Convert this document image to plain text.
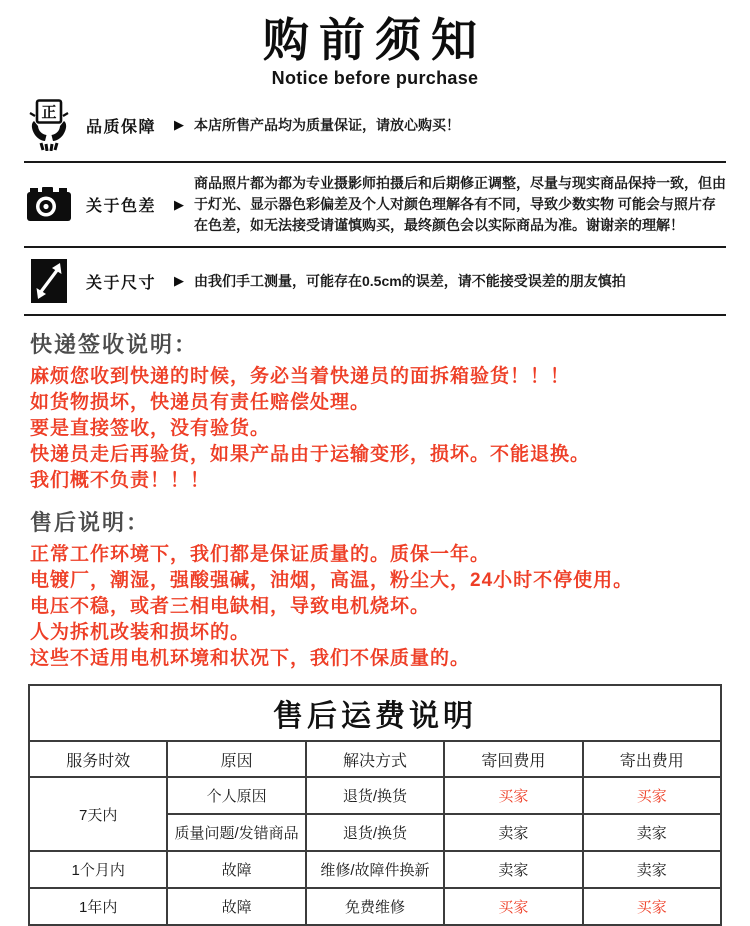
购前须知
Notice before purchase
正
品质保障	▶ 本店所售产品均为质量保证，请放心购买！
关于色差	▶
商品照片都为都为专业摄影师拍摄后和后期修正调整，尽量与现实商品保持一致，但由于灯光、显示器色彩偏差及个人对颜色理解各有不同，导致少数实物 可能会与照片存在色差，如无法接受请谨慎购买，最终颜色会以实际商品为准。谢谢亲的理解！
关于尺寸	▶ 由我们手工测量，可能存在0.5cm的误差，请不能接受误差的朋友慎拍
快递签收说明：
麻烦您收到快递的时候，务必当着快递员的面拆箱验货！！！
如货物损坏，快递员有责任赔偿处理。
要是直接签收，没有验货。
快递员走后再验货，如果产品由于运输变形，损坏。不能退换。
我们概不负责！！！
售后说明：
正常工作环境下，我们都是保证质量的。质保一年。
电镀厂，潮湿，强酸强碱，油烟，高温，粉尘大，24小时不停使用。
电压不稳，或者三相电缺相，导致电机烧坏。
人为拆机改装和损坏的。
这些不适用电机环境和状况下，我们不保质量的。
售后运费说明				
服务时效	原因	解决方式	寄回费用	寄出费用
7天内	个人原因	退货/换货	买家	买家
	质量问题/发错商品	退货/换货	卖家	卖家
1个月内	故障	维修/故障件换新	卖家	卖家
1年内	故障	免费维修	买家	买家
